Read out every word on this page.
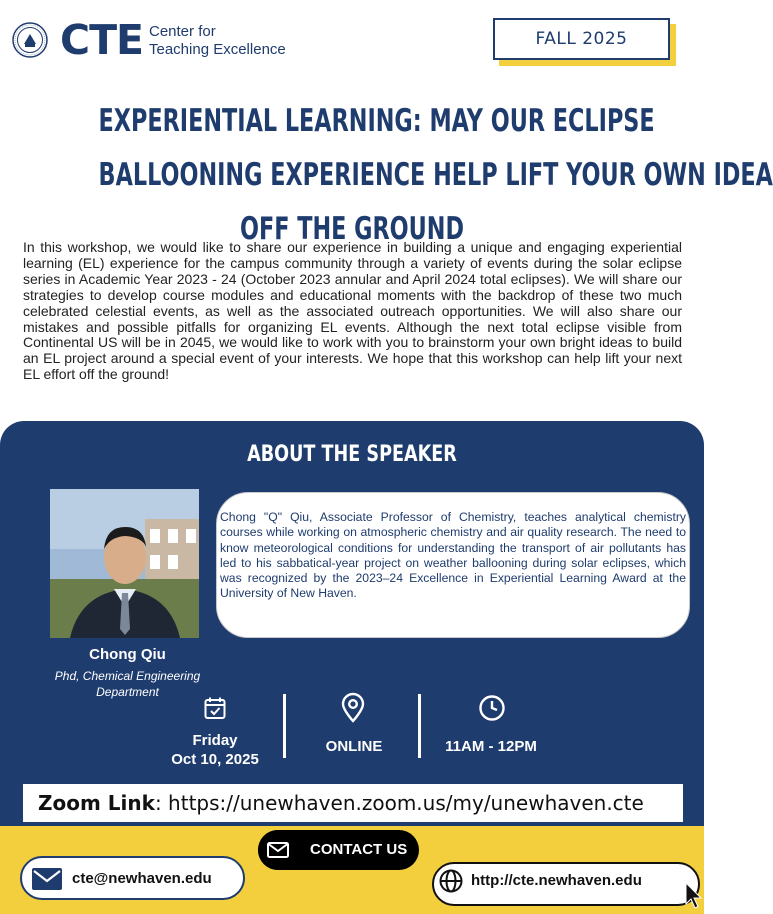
CTE Center for
Teaching Excellence
FALL 2025
EXPERIENTIAL LEARNING: MAY OUR ECLIPSE
BALLOONING EXPERIENCE HELP LIFT YOUR OWN IDEA
OFF THE GROUND
In this workshop, we would like to share our experience in building a unique and engaging experiential learning (EL) experience for the campus community through a variety of events during the solar eclipse series in Academic Year 2023 - 24 (October 2023 annular and April 2024 total eclipses). We will share our strategies to develop course modules and educational moments with the backdrop of these two much celebrated celestial events, as well as the associated outreach opportunities. We will also share our mistakes and possible pitfalls for organizing EL events. Although the next total eclipse visible from Continental US will be in 2045, we would like to work with you to brainstorm your own bright ideas to build an EL project around a special event of your interests. We hope that this workshop can help lift your next EL effort off the ground!
ABOUT THE SPEAKER
Chong "Q" Qiu, Associate Professor of Chemistry, teaches analytical chemistry courses while working on atmospheric chemistry and air quality research. The need to know meteorological conditions for understanding the transport of air pollutants has led to his sabbatical-year project on weather ballooning during solar eclipses, which was recognized by the 2023–24 Excellence in Experiential Learning Award at the University of New Haven.
Chong Qiu
Phd, Chemical Engineering
Department
Friday
Oct 10, 2025
ONLINE	11AM - 12PM
Zoom Link : https://unewhaven.zoom.us/my/unewhaven.cte
CONTACT US
cte@newhaven.edu	http://cte.newhaven.edu
